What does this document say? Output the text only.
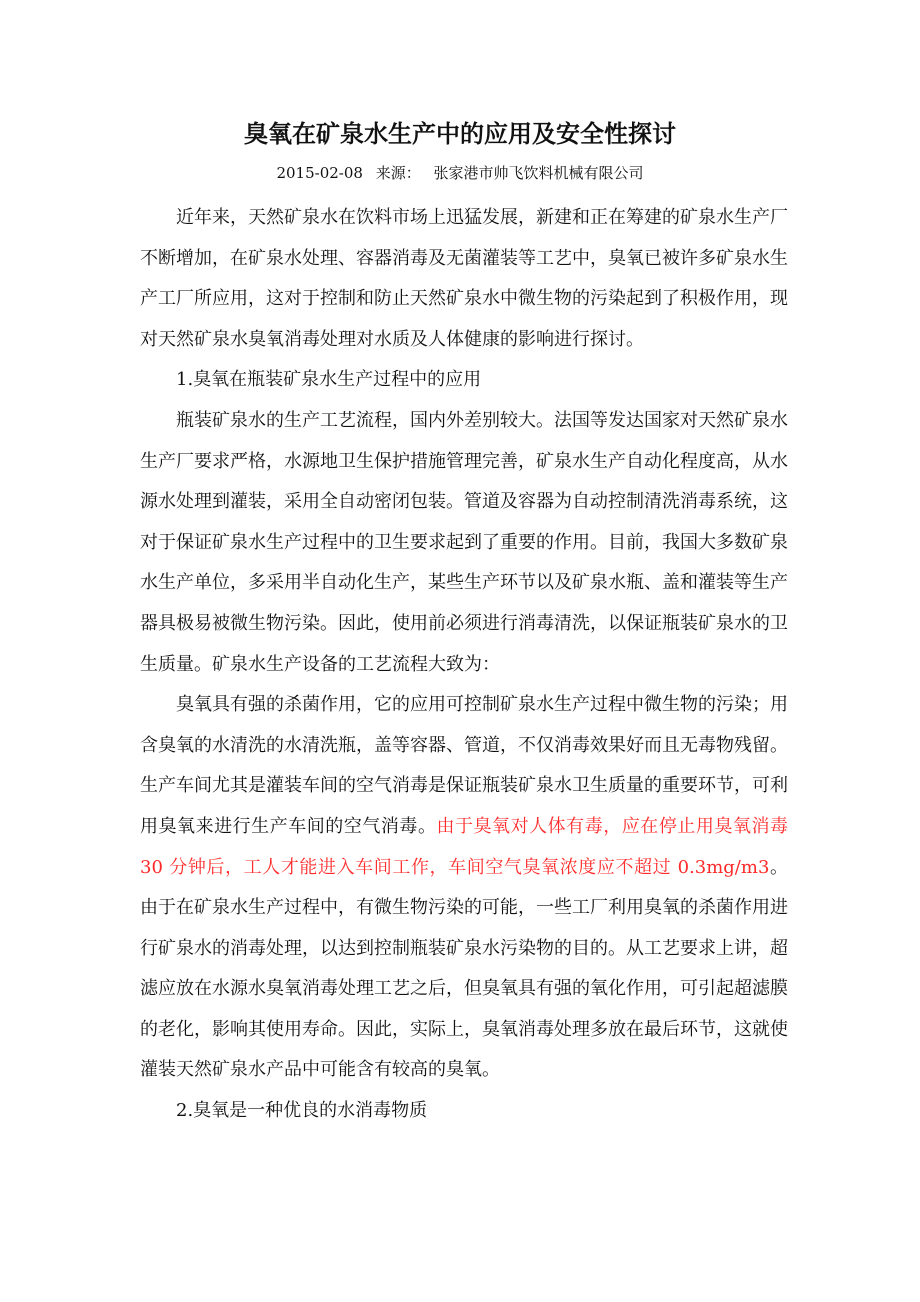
臭氧在矿泉水生产中的应用及安全性探讨
2015-02-08 来源： 张家港市帅飞饮料机械有限公司

近年来，天然矿泉水在饮料市场上迅猛发展，新建和正在筹建的矿泉水生产厂不断增加，在矿泉水处理、容器消毒及无菌灌装等工艺中，臭氧已被许多矿泉水生产工厂所应用，这对于控制和防止天然矿泉水中微生物的污染起到了积极作用，现对天然矿泉水臭氧消毒处理对水质及人体健康的影响进行探讨。

1.臭氧在瓶装矿泉水生产过程中的应用

瓶装矿泉水的生产工艺流程，国内外差别较大。法国等发达国家对天然矿泉水生产厂要求严格，水源地卫生保护措施管理完善，矿泉水生产自动化程度高，从水源水处理到灌装，采用全自动密闭包装。管道及容器为自动控制清洗消毒系统，这对于保证矿泉水生产过程中的卫生要求起到了重要的作用。目前，我国大多数矿泉水生产单位，多采用半自动化生产，某些生产环节以及矿泉水瓶、盖和灌装等生产器具极易被微生物污染。因此，使用前必须进行消毒清洗，以保证瓶装矿泉水的卫生质量。矿泉水生产设备的工艺流程大致为：

臭氧具有强的杀菌作用，它的应用可控制矿泉水生产过程中微生物的污染；用含臭氧的水清洗的水清洗瓶，盖等容器、管道，不仅消毒效果好而且无毒物残留。生产车间尤其是灌装车间的空气消毒是保证瓶装矿泉水卫生质量的重要环节，可利用臭氧来进行生产车间的空气消毒。由于臭氧对人体有毒，应在停止用臭氧消毒 30 分钟后，工人才能进入车间工作，车间空气臭氧浓度应不超过 0.3mg/m3。由于在矿泉水生产过程中，有微生物污染的可能，一些工厂利用臭氧的杀菌作用进行矿泉水的消毒处理，以达到控制瓶装矿泉水污染物的目的。从工艺要求上讲，超滤应放在水源水臭氧消毒处理工艺之后，但臭氧具有强的氧化作用，可引起超滤膜的老化，影响其使用寿命。因此，实际上，臭氧消毒处理多放在最后环节，这就使灌装天然矿泉水产品中可能含有较高的臭氧。

2.臭氧是一种优良的水消毒物质
